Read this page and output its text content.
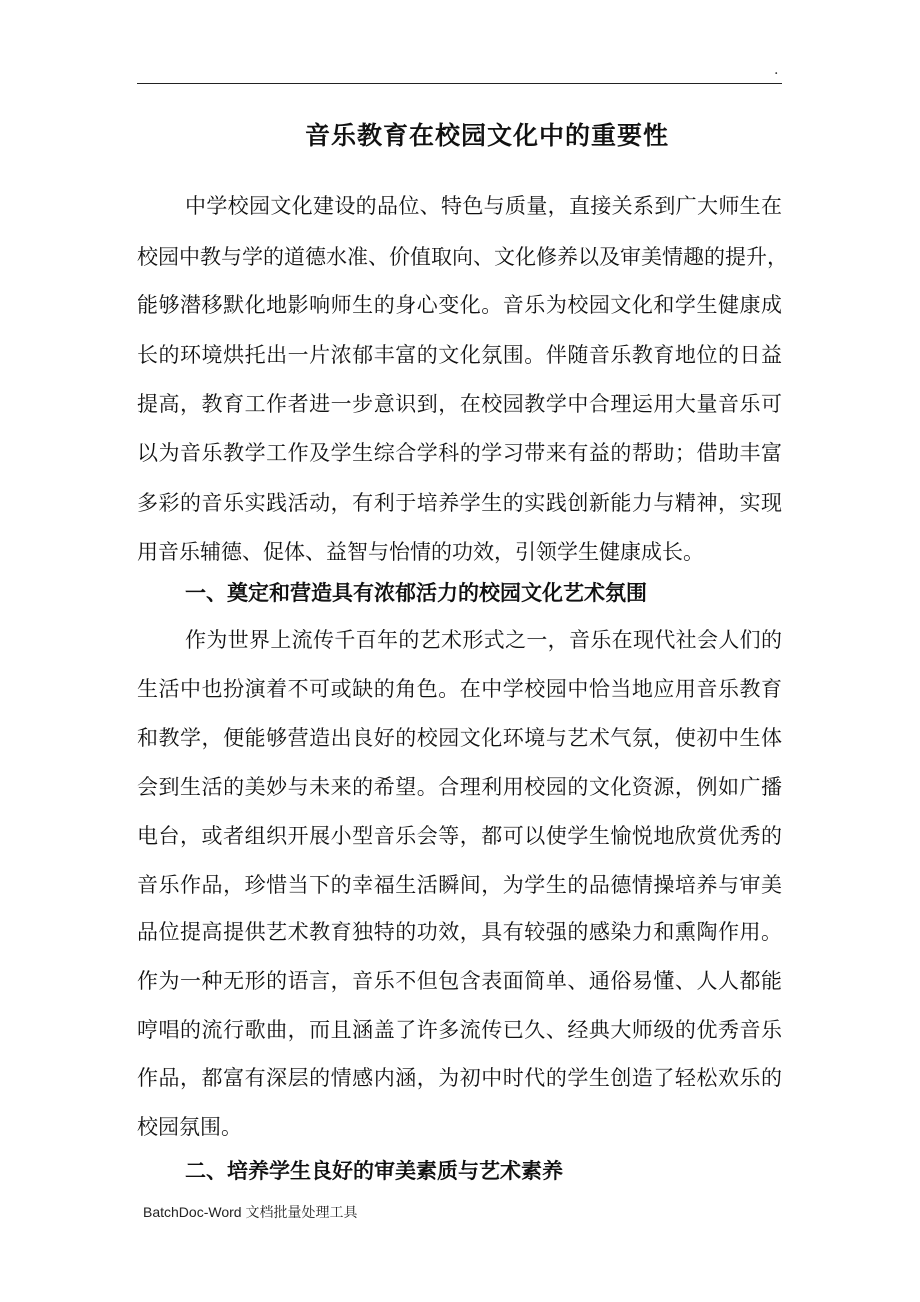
.
音乐教育在校园文化中的重要性
中学校园文化建设的品位、特色与质量，直接关系到广大师生在
校园中教与学的道德水准、价值取向、文化修养以及审美情趣的提升，
能够潜移默化地影响师生的身心变化。音乐为校园文化和学生健康成
长的环境烘托出一片浓郁丰富的文化氛围。伴随音乐教育地位的日益
提高，教育工作者进一步意识到，在校园教学中合理运用大量音乐可
以为音乐教学工作及学生综合学科的学习带来有益的帮助；借助丰富
多彩的音乐实践活动，有利于培养学生的实践创新能力与精神，实现
用音乐辅德、促体、益智与怡情的功效，引领学生健康成长。
一、奠定和营造具有浓郁活力的校园文化艺术氛围
作为世界上流传千百年的艺术形式之一，音乐在现代社会人们的
生活中也扮演着不可或缺的角色。在中学校园中恰当地应用音乐教育
和教学，便能够营造出良好的校园文化环境与艺术气氛，使初中生体
会到生活的美妙与未来的希望。合理利用校园的文化资源，例如广播
电台，或者组织开展小型音乐会等，都可以使学生愉悦地欣赏优秀的
音乐作品，珍惜当下的幸福生活瞬间，为学生的品德情操培养与审美
品位提高提供艺术教育独特的功效，具有较强的感染力和熏陶作用。
作为一种无形的语言，音乐不但包含表面简单、通俗易懂、人人都能
哼唱的流行歌曲，而且涵盖了许多流传已久、经典大师级的优秀音乐
作品，都富有深层的情感内涵，为初中时代的学生创造了轻松欢乐的
校园氛围。
二、培养学生良好的审美素质与艺术素养
BatchDoc-Word 文档批量处理工具
